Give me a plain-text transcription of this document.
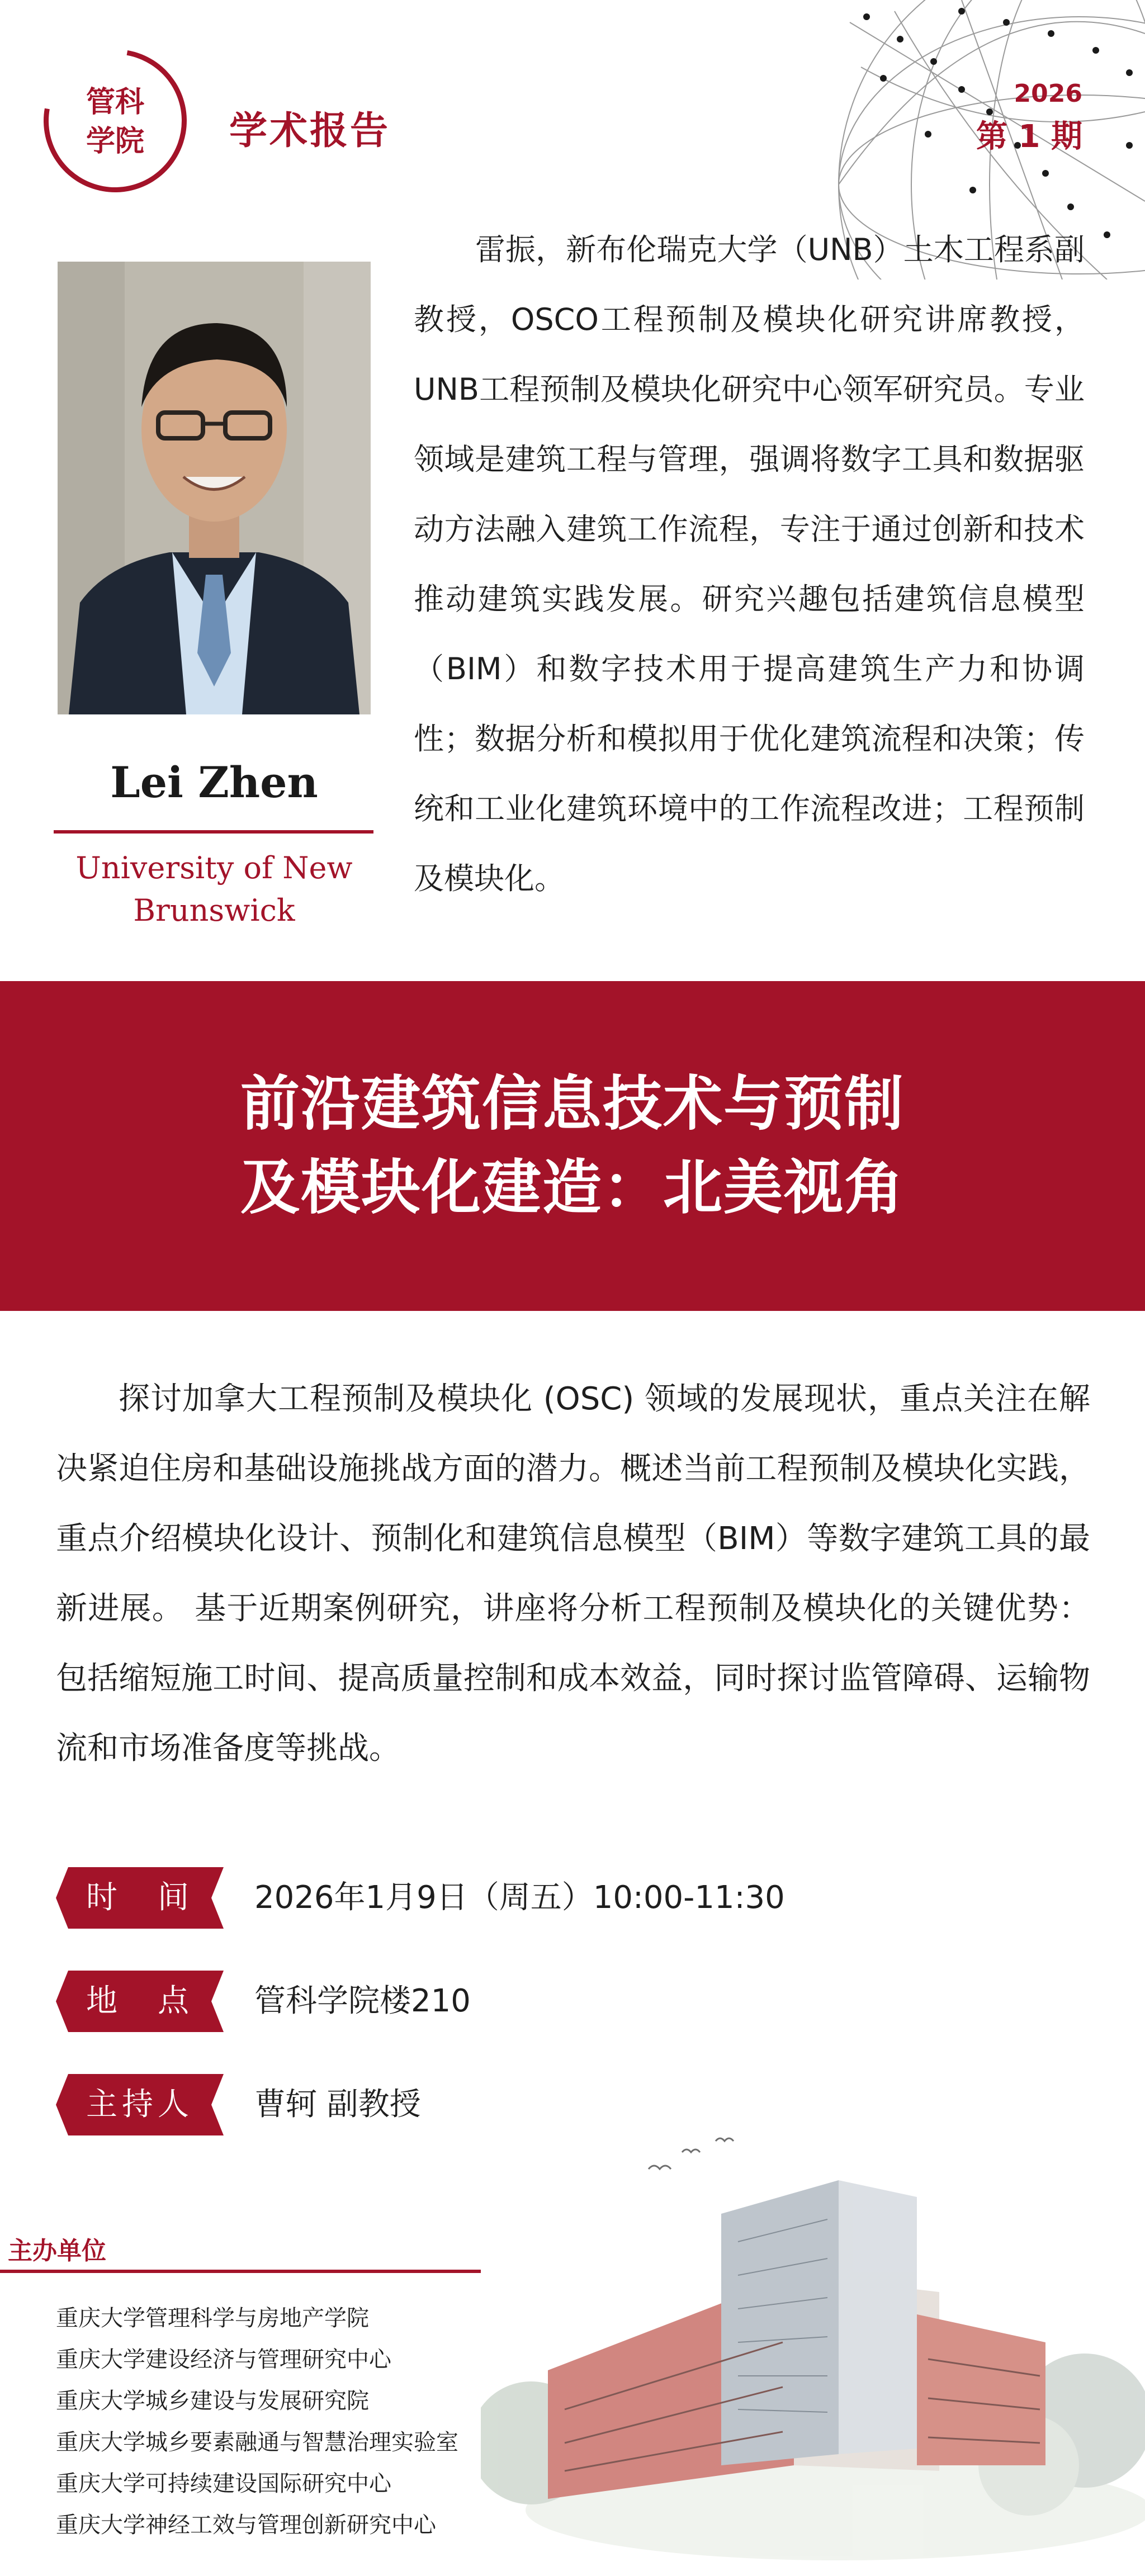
管科
学院	学术报告
2026
第 1 期
Lei Zhen
University of New
Brunswick

雷振，新布伦瑞克大学（UNB）土木工程系副教授，OSCO工程预制及模块化研究讲席教授，UNB工程预制及模块化研究中心领军研究员。专业领域是建筑工程与管理，强调将数字工具和数据驱动方法融入建筑工作流程，专注于通过创新和技术推动建筑实践发展。研究兴趣包括建筑信息模型（BIM）和数字技术用于提高建筑生产力和协调性；数据分析和模拟用于优化建筑流程和决策；传统和工业化建筑环境中的工作流程改进；工程预制及模块化。

前沿建筑信息技术与预制
及模块化建造：北美视角

探讨加拿大工程预制及模块化 (OSC) 领域的发展现状，重点关注在解决紧迫住房和基础设施挑战方面的潜力。概述当前工程预制及模块化实践，重点介绍模块化设计、预制化和建筑信息模型（BIM）等数字建筑工具的最新进展。 基于近期案例研究，讲座将分析工程预制及模块化的关键优势：包括缩短施工时间、提高质量控制和成本效益，同时探讨监管障碍、运输物流和市场准备度等挑战。

时　间	2026年1月9日（周五）10:00-11:30
地　点	管科学院楼210
主持人	曹轲 副教授
主办单位
重庆大学管理科学与房地产学院
重庆大学建设经济与管理研究中心
重庆大学城乡建设与发展研究院
重庆大学城乡要素融通与智慧治理实验室
重庆大学可持续建设国际研究中心
重庆大学神经工效与管理创新研究中心
